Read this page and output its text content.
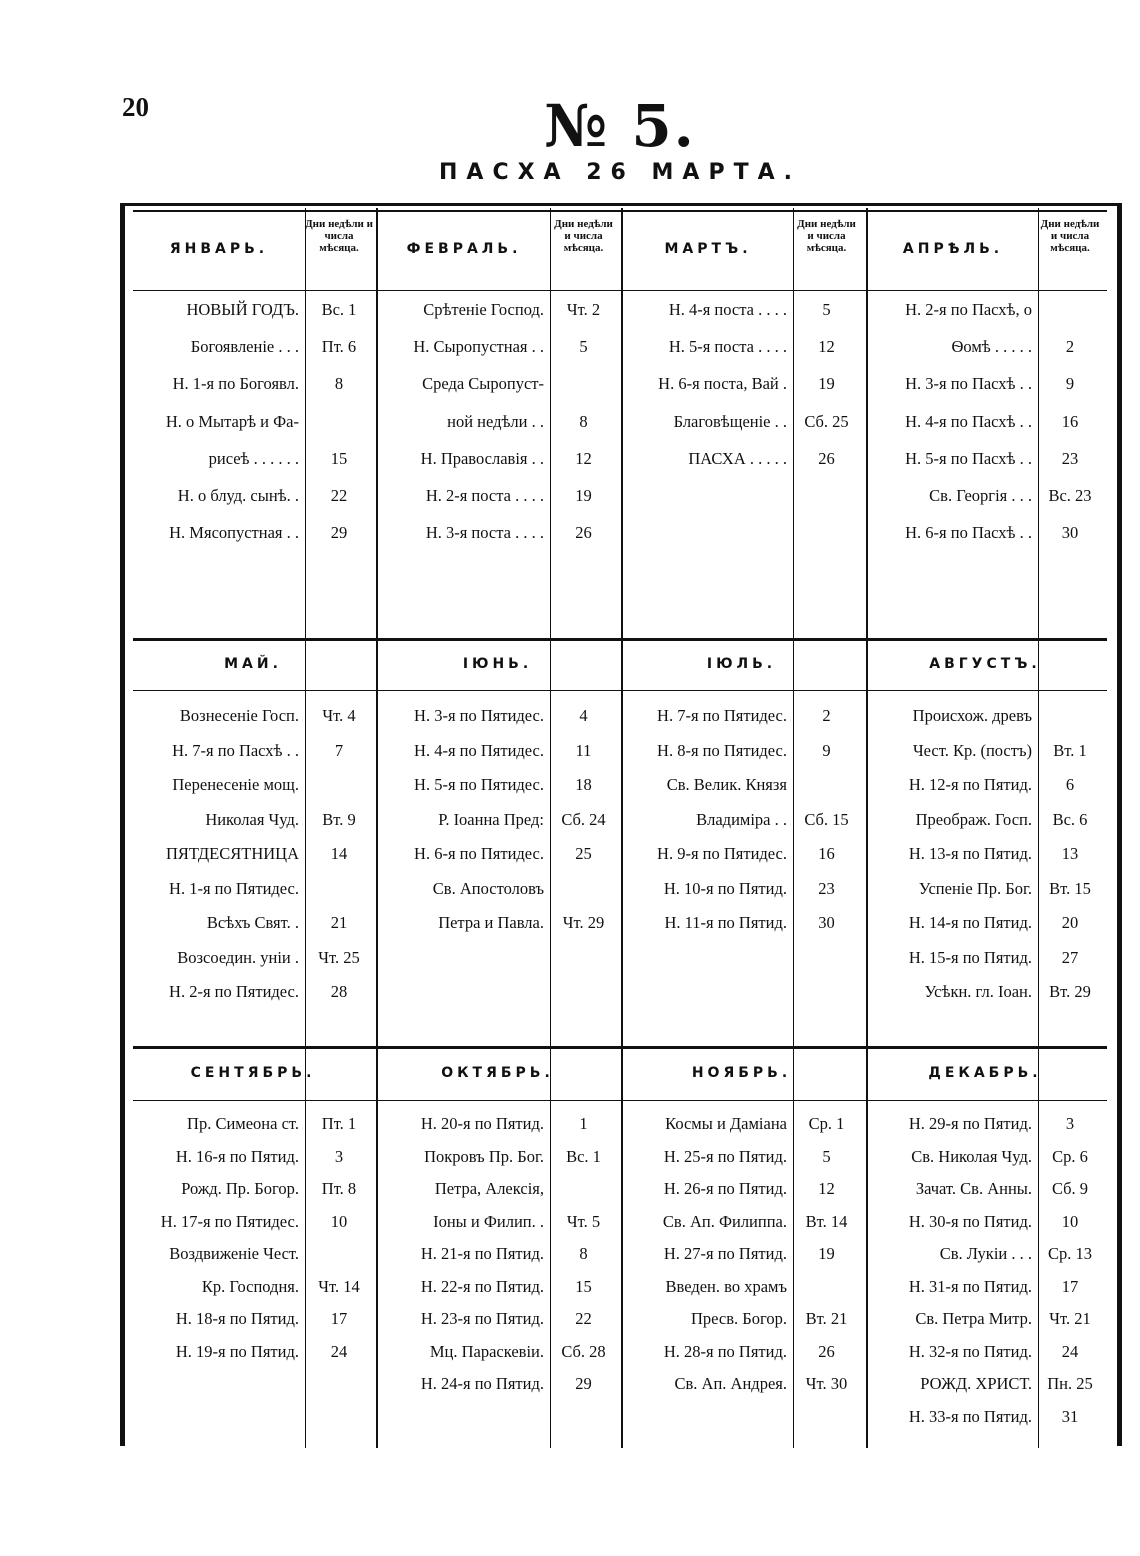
20	№ 5.
ПАСХА 26 МАРТА.
ЯНВАРЬ.
Дни недѣли и числа мѣсяца.
НОВЫЙ ГОДЪ.	Вс. 1
Богоявленіе . . .	Пт. 6
Н. 1-я по Богоявл.	8
Н. о Мытарѣ и Фа-
рисеѣ . . . . . .	15
Н. о блуд. сынѣ. .	22
Н. Мясопустная . .	29
ФЕВРАЛЬ.
Дни недѣли и числа мѣсяца.
Срѣтеніе Господ.	Чт. 2
Н. Сыропустная . .	5
Среда Сыропуст-
ной недѣли . .	8
Н. Православія . .	12
Н. 2-я поста . . . .	19
Н. 3-я поста . . . .	26
МАРТЪ.
Дни недѣли и числа мѣсяца.
Н. 4-я поста . . . .	5
Н. 5-я поста . . . .	12
Н. 6-я поста, Вай .	19
Благовѣщеніе . .	Сб. 25
ПАСХА . . . . .	26
АПРѢЛЬ.
Дни недѣли и числа мѣсяца.
Н. 2-я по Пасхѣ, о
Ѳомѣ . . . . .	2
Н. 3-я по Пасхѣ . .	9
Н. 4-я по Пасхѣ . .	16
Н. 5-я по Пасхѣ . .	23
Св. Георгія . . . Вс. 23
Н. 6-я по Пасхѣ . .	30
МАЙ.
Вознесеніе Госп.	Чт. 4
Н. 7-я по Пасхѣ . .	7
Перенесеніе мощ.
Николая Чуд.	Вт. 9
ПЯТДЕСЯТНИЦА	14
Н. 1-я по Пятидес.
Всѣхъ Свят. .	21
Возсоедин. уніи .	Чт. 25
Н. 2-я по Пятидес.	28
ІЮНЬ.
Н. 3-я по Пятидес.	4
Н. 4-я по Пятидес.	11
Н. 5-я по Пятидес.	18
Р. Іоанна Пред:	Сб. 24
Н. 6-я по Пятидес.	25
Св. Апостоловъ
Петра и Павла.	Чт. 29
ІЮЛЬ.
Н. 7-я по Пятидес.	2
Н. 8-я по Пятидес.	9
Св. Велик. Князя
Владиміра . .	Сб. 15
Н. 9-я по Пятидес.	16
Н. 10-я по Пятид.	23
Н. 11-я по Пятид.	30
АВГУСТЪ.
Происхож. древъ
Чест. Кр. (постъ)	Вт. 1
Н. 12-я по Пятид.	6
Преображ. Госп.	Вс. 6
Н. 13-я по Пятид.	13
Успеніе Пр. Бог.	Вт. 15
Н. 14-я по Пятид.	20
Н. 15-я по Пятид.	27
Усѣкн. гл. Іоан.	Вт. 29
СЕНТЯБРЬ.
Пр. Симеона ст.	Пт. 1
Н. 16-я по Пятид.	3
Рожд. Пр. Богор.	Пт. 8
Н. 17-я по Пятидес.	10
Воздвиженіе Чест.
Кр. Господня.	Чт. 14
Н. 18-я по Пятид.	17
Н. 19-я по Пятид.	24
ОКТЯБРЬ.
Н. 20-я по Пятид.	1
Покровъ Пр. Бог.	Вс. 1
Петра, Алексія,
Іоны и Филип. .	Чт. 5
Н. 21-я по Пятид.	8
Н. 22-я по Пятид.	15
Н. 23-я по Пятид.	22
Мц. Параскевіи.	Сб. 28
Н. 24-я по Пятид.	29
НОЯБРЬ.
Космы и Даміана	Ср. 1
Н. 25-я по Пятид.	5
Н. 26-я по Пятид.	12
Св. Ап. Филиппа.	Вт. 14
Н. 27-я по Пятид.	19
Введен. во храмъ
Пресв. Богор.	Вт. 21
Н. 28-я по Пятид.	26
Св. Ап. Андрея.	Чт. 30
ДЕКАБРЬ.
Н. 29-я по Пятид.	3
Св. Николая Чуд.	Ср. 6
Зачат. Св. Анны.	Сб. 9
Н. 30-я по Пятид.	10
Св. Лукіи . . . Ср. 13
Н. 31-я по Пятид.	17
Св. Петра Митр.	Чт. 21
Н. 32-я по Пятид.	24
РОЖД. ХРИСТ. Пн. 25
Н. 33-я по Пятид.	31
